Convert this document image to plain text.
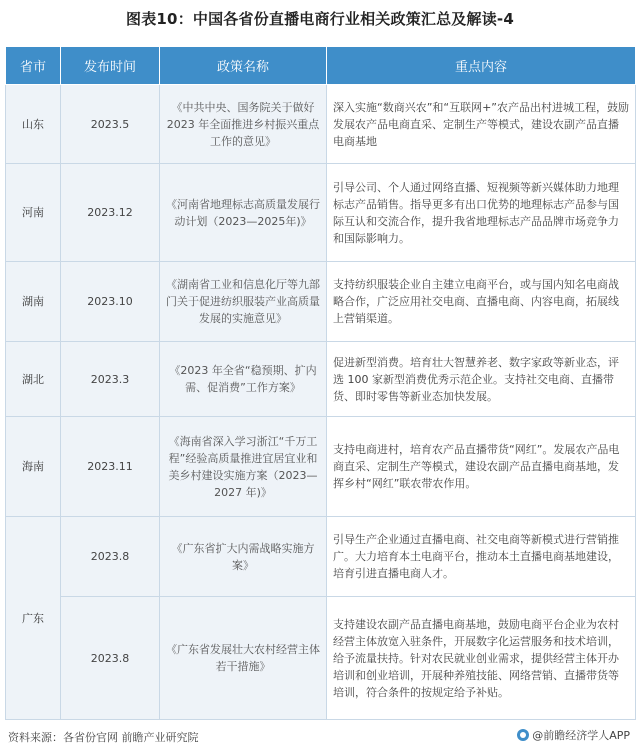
图表10：中国各省份直播电商行业相关政策汇总及解读-4
省市	发布时间	政策名称	重点内容
山东	2023.5	《中共中央、国务院关于做好 2023 年全面推进乡村振兴重点工作的意见》	深入实施“数商兴农”和“互联网+”农产品出村进城工程，鼓励发展农产品电商直采、定制生产等模式，建设农副产品直播电商基地
河南	2023.12	《河南省地理标志高质量发展行动计划（2023—2025年)》	引导公司、个人通过网络直播、短视频等新兴媒体助力地理标志产品销售。指导更多有出口优势的地理标志产品参与国际互认和交流合作，提升我省地理标志产品品牌市场竞争力和国际影响力。
湖南	2023.10	《湖南省工业和信息化厅等九部门关于促进纺织服装产业高质量发展的实施意见》	支持纺织服装企业自主建立电商平台，或与国内知名电商战略合作，广泛应用社交电商、直播电商、内容电商，拓展线上营销渠道。
湖北	2023.3	《2023 年全省“稳预期、扩内需、促消费”工作方案》	促进新型消费。培育壮大智慧养老、数字家政等新业态，评选 100 家新型消费优秀示范企业。支持社交电商、直播带货、即时零售等新业态加快发展。
海南	2023.11	《海南省深入学习浙江“千万工程”经验高质量推进宜居宜业和美乡村建设实施方案（2023—2027 年)》	支持电商进村，培育农产品直播带货“网红”。发展农产品电商直采、定制生产等模式，建设农副产品直播电商基地，发挥乡村“网红”联农带农作用。
广东	2023.8	《广东省扩大内需战略实施方案》	引导生产企业通过直播电商、社交电商等新模式进行营销推广。大力培育本土电商平台，推动本土直播电商基地建设，培育引进直播电商人才。
	2023.8	《广东省发展壮大农村经营主体若干措施》	支持建设农副产品直播电商基地，鼓励电商平台企业为农村经营主体放宽入驻条件，开展数字化运营服务和技术培训，给予流量扶持。针对农民就业创业需求，提供经营主体开办培训和创业培训，开展种养殖技能、网络营销、直播带货等培训，符合条件的按规定给予补贴。
资料来源：各省份官网 前瞻产业研究院	@前瞻经济学人APP
